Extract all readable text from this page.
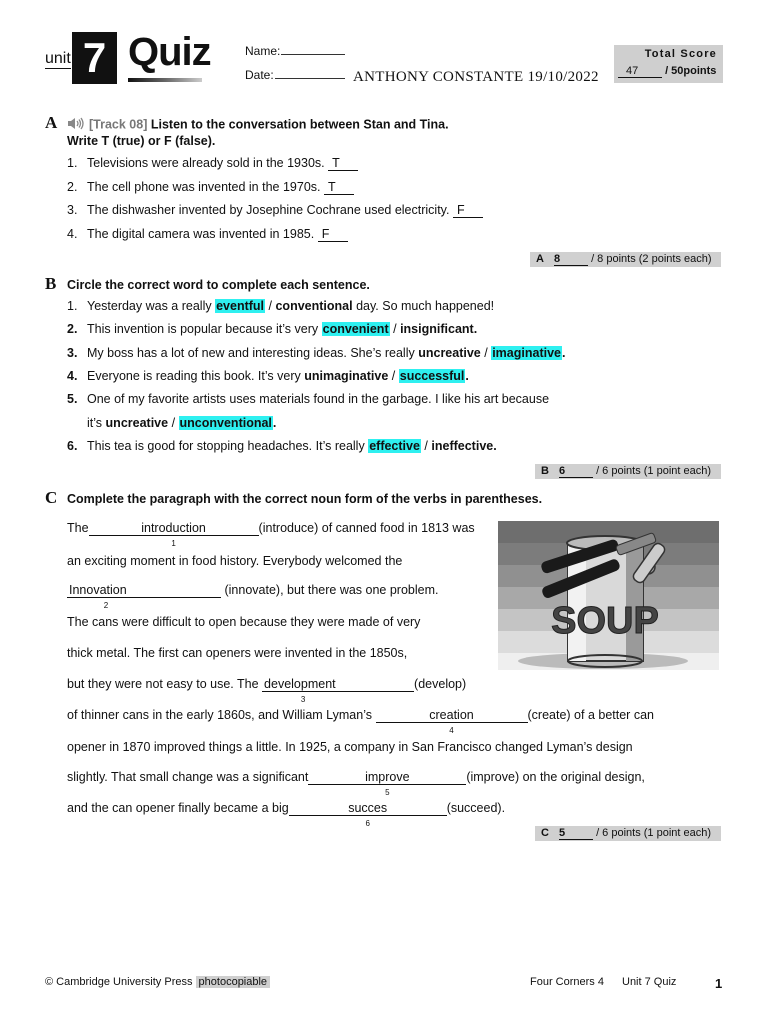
unit 7 Quiz	Name:
Date:	ANTHONY CONSTANTE 19/10/2022
Total Score
47 / 50points
A	[Track 08] Listen to the conversation between Stan and Tina.
Write T (true) or F (false).
1. Televisions were already sold in the 1930s. T
2. The cell phone was invented in the 1970s. T
3. The dishwasher invented by Josephine Cochrane used electricity. F
4. The digital camera was invented in 1985. F
A 8	/ 8 points (2 points each)
B Circle the correct word to complete each sentence.
1. Yesterday was a really eventful / conventional day. So much happened!
2. This invention is popular because it’s very convenient / insignificant.
3. My boss has a lot of new and interesting ideas. She’s really uncreative / imaginative.
4. Everyone is reading this book. It’s very unimaginative / successful.
5. One of my favorite artists uses materials found in the garbage. I like his art because
it’s uncreative / unconventional.
6. This tea is good for stopping headaches. It’s really effective / ineffective.
B 6	/ 6 points (1 point each)
C Complete the paragraph with the correct noun form of the verbs in parentheses.
SOUP
The	introduction
1
(introduce) of canned food in 1813 was
an exciting moment in food history. Everybody welcomed the
Innovation
2
(innovate), but there was one problem.
The cans were difficult to open because they were made of very
thick metal. The first can openers were invented in the 1850s,
but they were not easy to use. The development
3
(develop)
of thinner cans in the early 1860s, and William Lyman’s	creation
4
(create) of a better can
opener in 1870 improved things a little. In 1925, a company in San Francisco changed Lyman’s design
slightly. That small change was a significant	improve
5
(improve) on the original design,
and the can opener finally became a big	succes
6
(succeed).
C 5	/ 6 points (1 point each)
© Cambridge University Press photocopiable	Four Corners 4 Unit 7 Quiz	1
